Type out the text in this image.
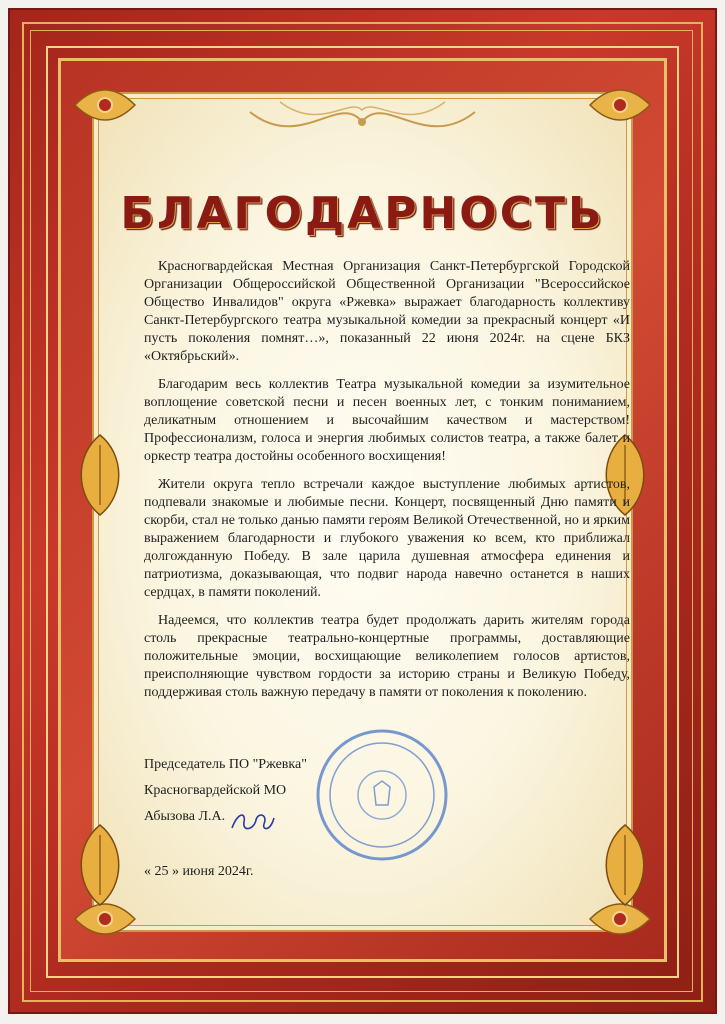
БЛАГОДАРНОСТЬ

Красногвардейская Местная Организация Санкт-Петербургской Городской Организации Общероссийской Общественной Организации "Всероссийское Общество Инвалидов" округа «Ржевка» выражает благодарность коллективу Санкт-Петербургского театра музыкальной комедии за прекрасный концерт «И пусть поколения помнят…», показанный 22 июня 2024г. на сцене БКЗ «Октябрьский».

Благодарим весь коллектив Театра музыкальной комедии за изумительное воплощение советской песни и песен военных лет, с тонким пониманием, деликатным отношением и высочайшим качеством и мастерством! Профессионализм, голоса и энергия любимых солистов театра, а также балет и оркестр театра достойны особенного восхищения!

Жители округа тепло встречали каждое выступление любимых артистов, подпевали знакомые и любимые песни. Концерт, посвященный Дню памяти и скорби, стал не только данью памяти героям Великой Отечественной, но и ярким выражением благодарности и глубокого уважения ко всем, кто приближал долгожданную Победу. В зале царила душевная атмосфера единения и патриотизма, доказывающая, что подвиг народа навечно останется в наших сердцах, в памяти поколений.

Надеемся, что коллектив театра будет продолжать дарить жителям города столь прекрасные театрально-концертные программы, доставляющие положительные эмоции, восхищающие великолепием голосов артистов, преисполняющие чувством гордости за историю страны и Великую Победу, поддерживая столь важную передачу в памяти от поколения к поколению.

Председатель ПО "Ржевка"
Красногвардейской МО
Абызова Л.А.
« 25 » июня 2024г.
